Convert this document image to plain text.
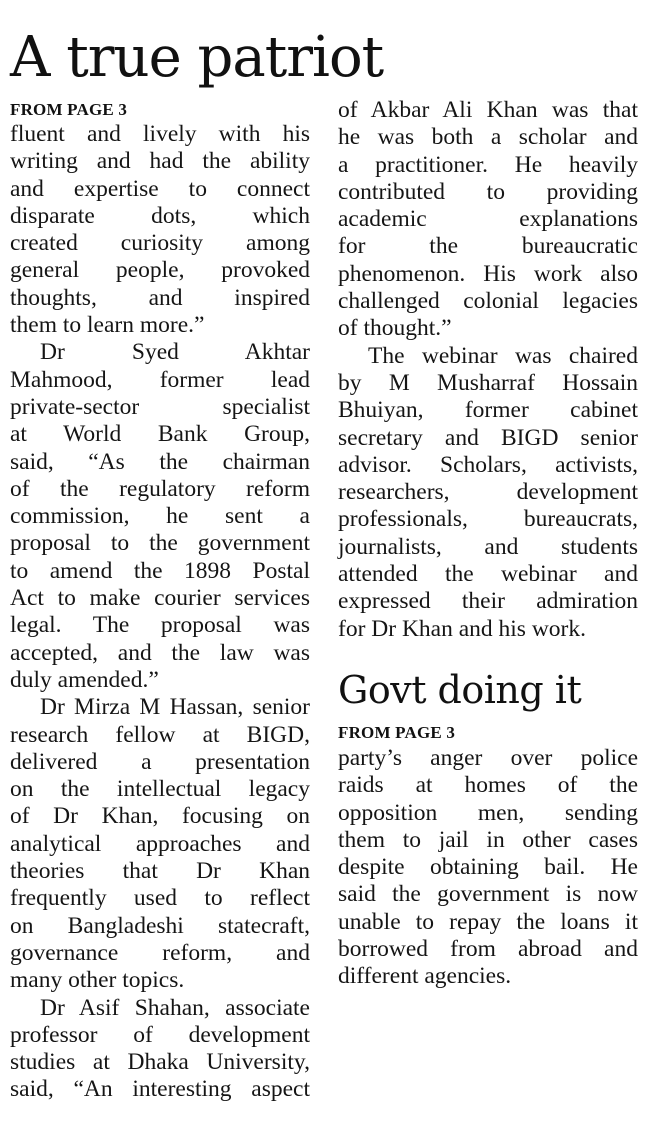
A true patriot
FROM PAGE 3
fluent and lively with his
writing and had the ability
and expertise to connect
disparate dots, which
created curiosity among
general people, provoked
thoughts, and inspired
them to learn more.”
Dr Syed Akhtar
Mahmood, former lead
private-sector specialist
at World Bank Group,
said, “As the chairman
of the regulatory reform
commission, he sent a
proposal to the government
to amend the 1898 Postal
Act to make courier services
legal. The proposal was
accepted, and the law was
duly amended.”
Dr Mirza M Hassan, senior
research fellow at BIGD,
delivered a presentation
on the intellectual legacy
of Dr Khan, focusing on
analytical approaches and
theories that Dr Khan
frequently used to reflect
on Bangladeshi statecraft,
governance reform, and
many other topics.
Dr Asif Shahan, associate
professor of development
studies at Dhaka University,
said, “An interesting aspect
of Akbar Ali Khan was that
he was both a scholar and
a practitioner. He heavily
contributed to providing
academic explanations
for the bureaucratic
phenomenon. His work also
challenged colonial legacies
of thought.”
The webinar was chaired
by M Musharraf Hossain
Bhuiyan, former cabinet
secretary and BIGD senior
advisor. Scholars, activists,
researchers, development
professionals, bureaucrats,
journalists, and students
attended the webinar and
expressed their admiration
for Dr Khan and his work.
Govt doing it
FROM PAGE 3
party’s anger over police
raids at homes of the
opposition men, sending
them to jail in other cases
despite obtaining bail. He
said the government is now
unable to repay the loans it
borrowed from abroad and
different agencies.
